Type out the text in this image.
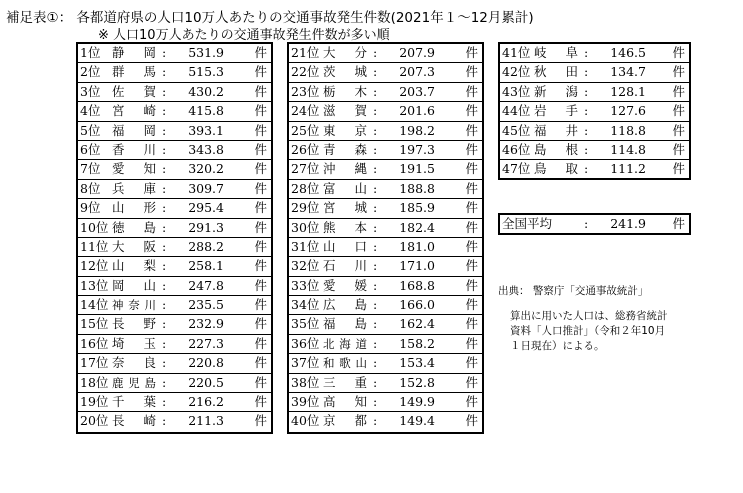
補足表①： 各都道府県の人口10万人あたりの交通事故発生件数(2021年１～12月累計)
※ 人口10万人あたりの交通事故発生件数が多い順
1位 静岡 :	531.9 件
2位 群馬 :	515.3 件
3位 佐賀 :	430.2 件
4位 宮崎 :	415.8 件
5位 福岡 :	393.1 件
6位 香川 :	343.8 件
7位 愛知 :	320.2 件
8位 兵庫 :	309.7 件
9位 山形 :	295.4 件
10位 徳島 :	291.3 件
11位 大阪 :	288.2 件
12位 山梨 :	258.1 件
13位 岡山 :	247.8 件
14位 神奈川 :	235.5 件
15位 長野 :	232.9 件
16位 埼玉 :	227.3 件
17位 奈良 :	220.8 件
18位 鹿児島 :	220.5 件
19位 千葉 :	216.2 件
20位 長崎 :	211.3 件
21位 大分 :	207.9 件
22位 茨城 :	207.3 件
23位 栃木 :	203.7 件
24位 滋賀 :	201.6 件
25位 東京 :	198.2 件
26位 青森 :	197.3 件
27位 沖縄 :	191.5 件
28位 富山 :	188.8 件
29位 宮城 :	185.9 件
30位 熊本 :	182.4 件
31位 山口 :	181.0 件
32位 石川 :	171.0 件
33位 愛媛 :	168.8 件
34位 広島 :	166.0 件
35位 福島 :	162.4 件
36位 北海道 :	158.2 件
37位 和歌山 :	153.4 件
38位 三重 :	152.8 件
39位 高知 :	149.9 件
40位 京都 :	149.4 件
41位 岐阜 :	146.5 件
42位 秋田 :	134.7 件
43位 新潟 :	128.1 件
44位 岩手 :	127.6 件
45位 福井 :	118.8 件
46位 島根 :	114.8 件
47位 鳥取 :	111.2 件
全国平均	:	241.9 件
出典： 警察庁「交通事故統計」
算出に用いた人口は、総務省統計
資料「人口推計」（令和２年10月
１日現在）による。
